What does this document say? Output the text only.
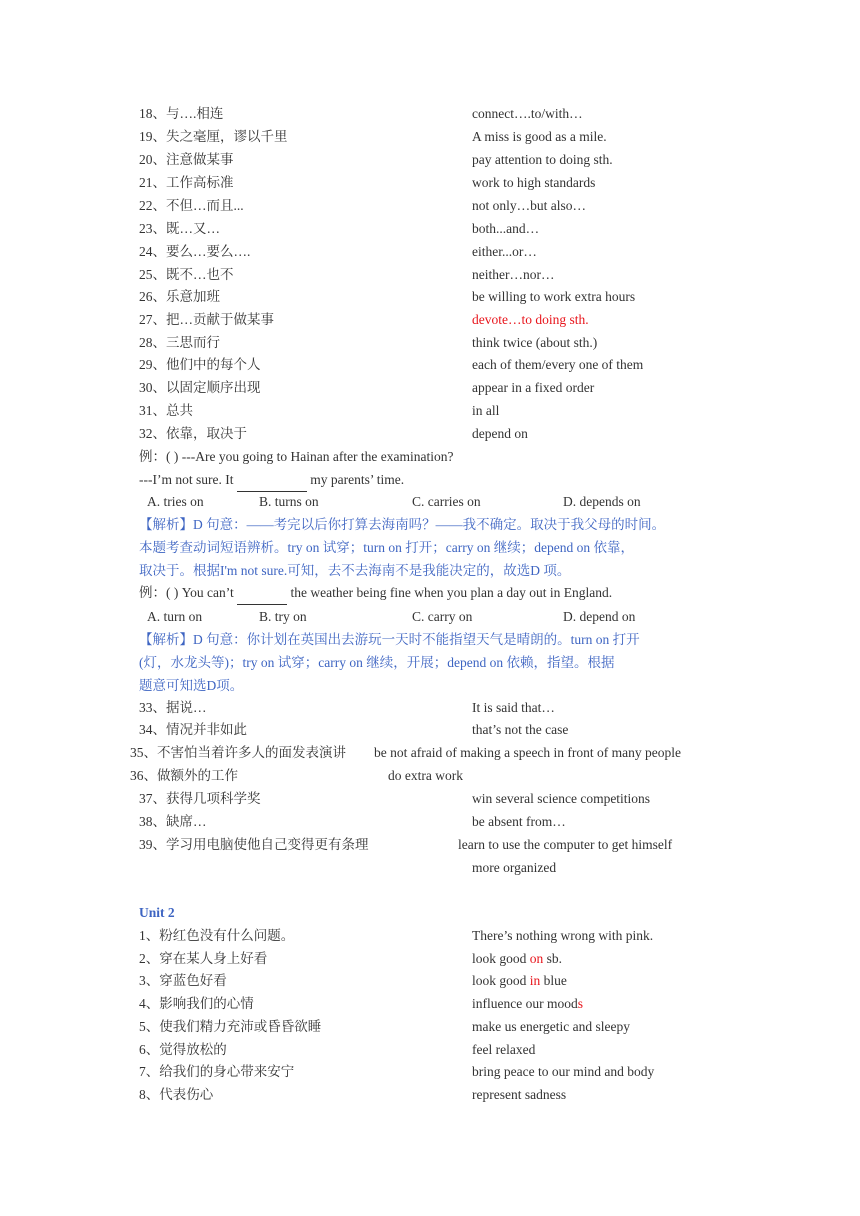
18、与….相连	connect….to/with…
19、失之毫厘，谬以千里	A miss is good as a mile.
20、注意做某事	pay attention to doing sth.
21、工作高标准	work to high standards
22、不但…而且...	not only…but also…
23、既…又…	both...and…
24、要么…要么….	either...or…
25、既不…也不	neither…nor…
26、乐意加班	be willing to work extra hours
27、把…贡献于做某事	devote…to doing sth.
28、三思而行	think twice (about sth.)
29、他们中的每个人	each of them/every one of them
30、以固定顺序出现	appear in a fixed order
31、总共	in all
32、依靠，取决于	depend on
例：( ) ---Are you going to Hainan after the examination?
---I’m not sure. It	my parents’ time.
A. tries on	B. turns on	C. carries on	D. depends on
【解析】D 句意：——考完以后你打算去海南吗？——我不确定。取决于我父母的时间。
本题考查动词短语辨析。try on 试穿；turn on 打开；carry on 继续；depend on 依靠，
取决于。根据I'm not sure.可知，去不去海南不是我能决定的，故选D 项。
例：( ) You can’t	the weather being fine when you plan a day out in England.
A. turn on	B. try on	C. carry on	D. depend on
【解析】D 句意：你计划在英国出去游玩一天时不能指望天气是晴朗的。turn on 打开
(灯，水龙头等)；try on 试穿；carry on 继续，开展；depend on 依赖，指望。根据
题意可知选D项。
33、据说…	It is said that…
34、情况并非如此	that’s not the case
35、不害怕当着许多人的面发表演讲 be not afraid of making a speech in front of many people
36、做额外的工作	do extra work
37、获得几项科学奖	win several science competitions
38、缺席…	be absent from…
39、学习用电脑使他自己变得更有条理	learn to use the computer to get himself
more organized
Unit 2
1、粉红色没有什么问题。	There’s nothing wrong with pink.
2、穿在某人身上好看	look good on sb.
3、穿蓝色好看	look good in blue
4、影响我们的心情	influence our moods
5、使我们精力充沛或昏昏欲睡	make us energetic and sleepy
6、觉得放松的	feel relaxed
7、给我们的身心带来安宁	bring peace to our mind and body
8、代表伤心	represent sadness
